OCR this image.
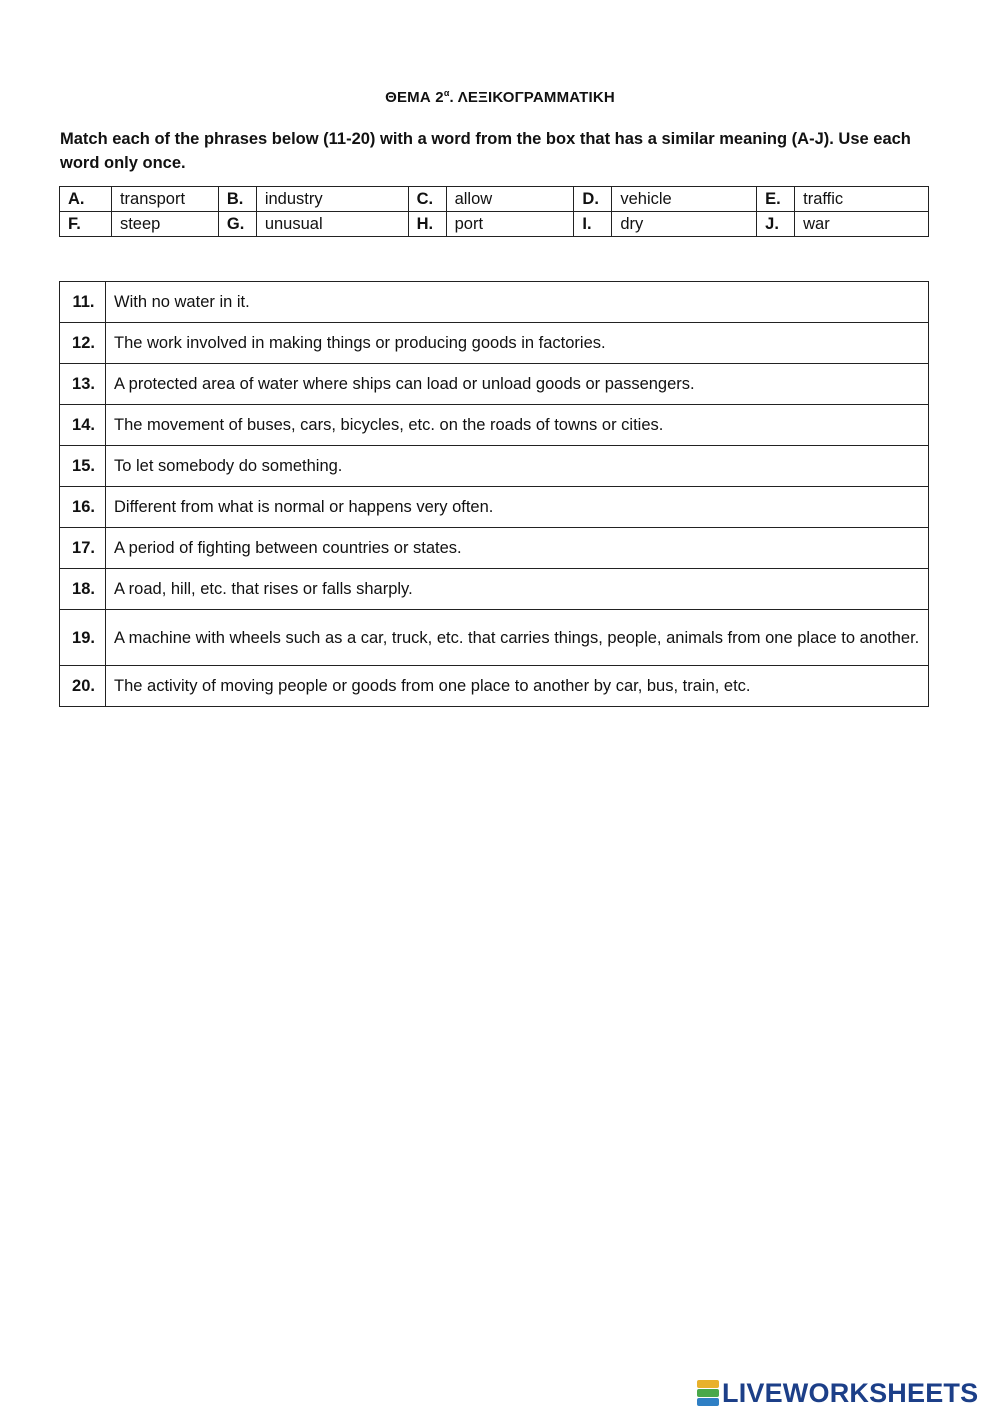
ΘΕΜΑ $2^\alpha$. ΛΕΞΙΚΟΓΡΑΜΜΑΤΙΚΗ
Match each of the phrases below (11-20) with a word from the box that has a similar meaning (A-J). Use each word only once.
A.	transport	B.	industry	C.	allow	D.	vehicle	E.	traffic
F.	steep	G.	unusual	H.	port	I.	dry	J.	war
11.	With no water in it.
12.	The work involved in making things or producing goods in factories.
13.	A protected area of water where ships can load or unload goods or passengers.
14.	The movement of buses, cars, bicycles, etc. on the roads of towns or cities.
15.	To let somebody do something.
16.	Different from what is normal or happens very often.
17.	A period of fighting between countries or states.
18.	A road, hill, etc. that rises or falls sharply.
19.	A machine with wheels such as a car, truck, etc. that carries things, people, animals from one place to another.
20.	The activity of moving people or goods from one place to another by car, bus, train, etc.
LIVEWORKSHEETS
